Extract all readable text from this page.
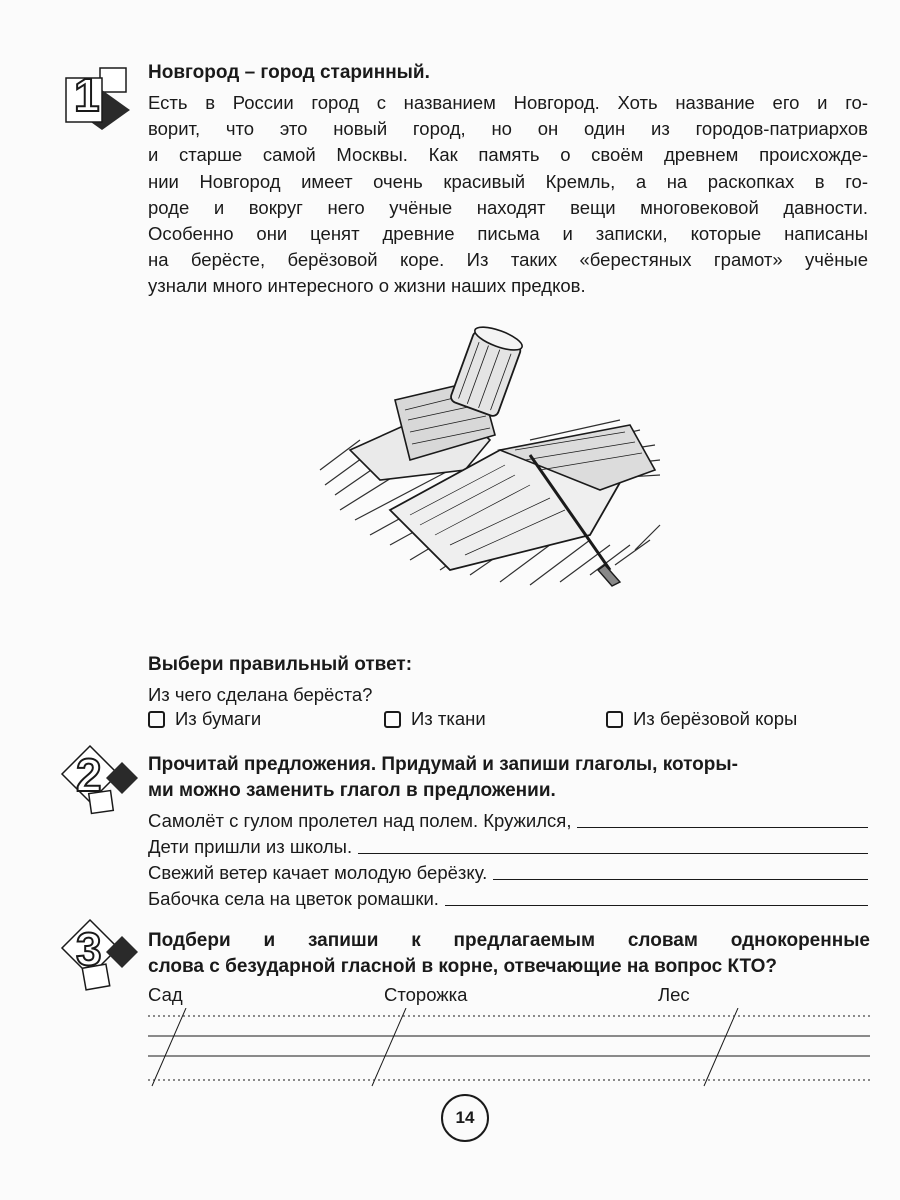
1	Новгород – город старинный.

Есть в России город с названием Новгород. Хоть название его и го-

ворит, что это новый город, но он один из городов-патриархов

и старше самой Москвы. Как память о своём древнем происхожде-

нии Новгород имеет очень красивый Кремль, а на раскопках в го-

роде и вокруг него учёные находят вещи многовековой давности.

Особенно они ценят древние письма и записки, которые написаны

на берёсте, берёзовой коре. Из таких «берестяных грамот» учёные

узнали много интересного о жизни наших предков.

Выбери правильный ответ:
Из чего сделана берёста?
Из бумаги	Из ткани	Из берёзовой коры
2 Прочитай предложения. Придумай и запиши глаголы, которы-
ми можно заменить глагол в предложении.
Самолёт с гулом пролетел над полем. Кружился,
Дети пришли из школы.
Свежий ветер качает молодую берёзку.
Бабочка села на цветок ромашки.
3 Подбери и запиши к предлагаемым словам однокоренные
слова с безударной гласной в корне, отвечающие на вопрос КТО?
Сад	Сторожка	Лес
14
